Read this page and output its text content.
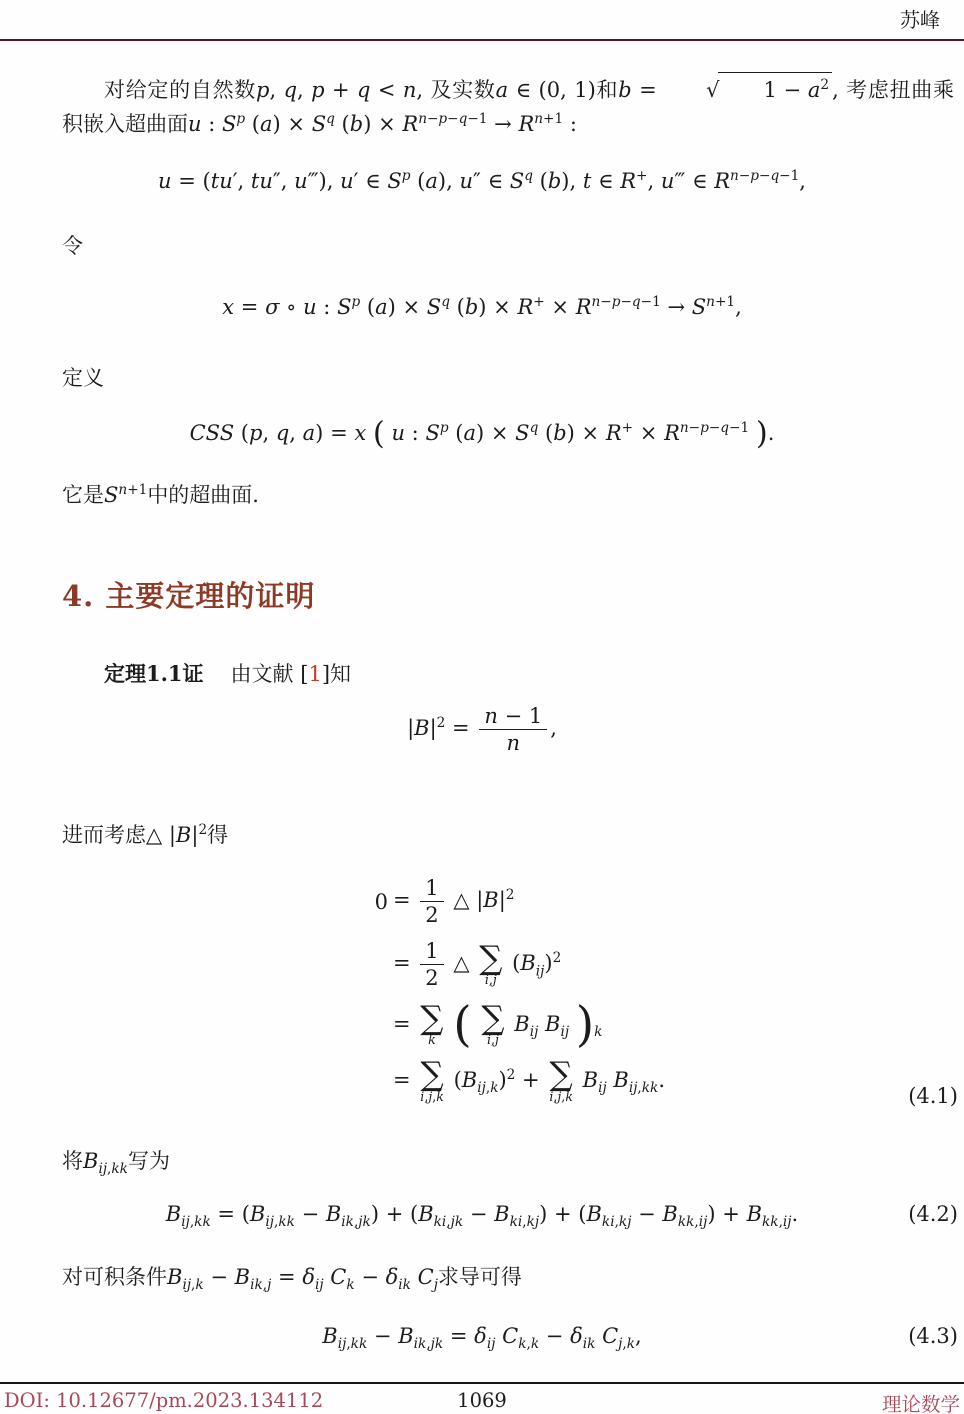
苏峰
对给定的自然数p, q, p + q < n, 及实数a ∈ (0, 1)和b = √ $1 - a^2$ , 考虑扭曲乘积嵌入超曲面u : $S^p$ $(a) \times S^q$ $(b) \times R^{n-p-q-1} \to R^{n+1}$ :
u = (tu′, tu″, u‴), u′ ∈ $S^p$ (a), u″ ∈ $S^q$ (b), t ∈ R+, u‴ ∈ $R^{n-p-q-1}$,
令
x = σ ∘ u : $S^p$ $(a) \times S^q$ $(b) \times R^+ \times R^{n-p-q-1} \to S^{n+1}$,
定义
CSS (p, q, a) = x ( u : $S^p$ $(a) \times S^q$ $(b) \times R^+ \times R^{n-p-q-1}$ ).
它是$S^{n+1}$中的超曲面.
4. 主要定理的证明
定理1.1证 由文献 [1]知
$|B|^2 = \frac{n - 1}{n}$ ,
进而考虑△ $|B|^2$得
$0 = \frac{1}{2}$ △ $|B|^2$
= $\frac{1}{2}$ △ ∑
i,j
$(B_{ij})^2$
= ∑
k ( ∑
i,j
$B_{ij}$ $B_{ij}$ )$_k$
= ∑
i,j,k
$(B_{ij,k})^2$ + ∑
i,j,k
$B_{ij}$ $B_{ij,kk}$.
(4.1)
将$B_{ij,kk}$写为
$B_{ij,kk} = (B_{ij,kk} - B_{ik,jk}) + (B_{ki,jk} - B_{ki,kj}) + (B_{ki,kj} - B_{kk,ij}) + B_{kk,ij}$.	(4.2)
对可积条件$B_{ij,k} - B_{ik,j} = \delta_{ij}$ $C_k - \delta_{ik}$ $C_j$求导可得
$B_{ij,kk} - B_{ik,jk} = \delta_{ij}$ $C_{k,k} - \delta_{ik}$ $C_{j,k}$,	(4.3)
DOI: 10.12677/pm.2023.134112	1069	理论数学
